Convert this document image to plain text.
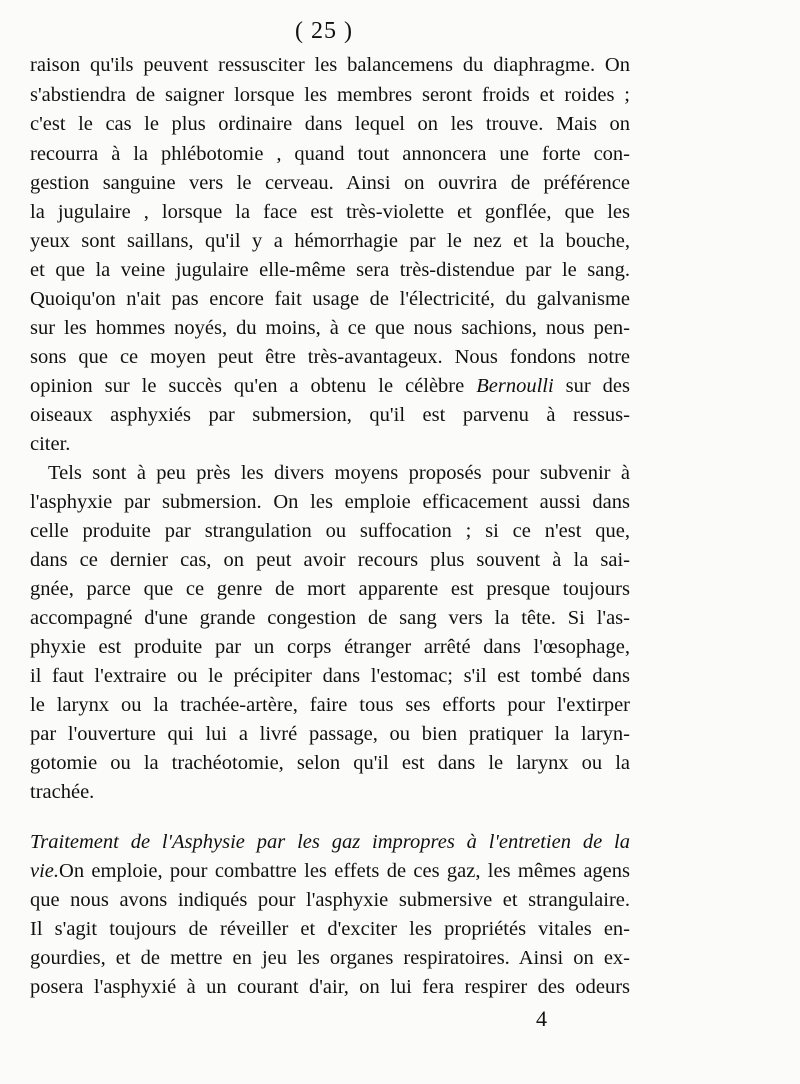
( 25 )
raison qu'ils peuvent ressusciter les balancemens du diaphragme. On
s'abstiendra de saigner lorsque les membres seront froids et roides ;
c'est le cas le plus ordinaire dans lequel on les trouve. Mais on
recourra à la phlébotomie , quand tout annoncera une forte con-
gestion sanguine vers le cerveau. Ainsi on ouvrira de préférence
la jugulaire , lorsque la face est très-violette et gonflée, que les
yeux sont saillans, qu'il y a hémorrhagie par le nez et la bouche,
et que la veine jugulaire elle-même sera très-distendue par le sang.
Quoiqu'on n'ait pas encore fait usage de l'électricité, du galvanisme
sur les hommes noyés, du moins, à ce que nous sachions, nous pen-
sons que ce moyen peut être très-avantageux. Nous fondons notre
opinion sur le succès qu'en a obtenu le célèbre Bernoulli sur des
oiseaux asphyxiés par submersion, qu'il est parvenu à ressus-
citer.
Tels sont à peu près les divers moyens proposés pour subvenir à
l'asphyxie par submersion. On les emploie efficacement aussi dans
celle produite par strangulation ou suffocation ; si ce n'est que,
dans ce dernier cas, on peut avoir recours plus souvent à la sai-
gnée, parce que ce genre de mort apparente est presque toujours
accompagné d'une grande congestion de sang vers la tête. Si l'as-
phyxie est produite par un corps étranger arrêté dans l'œsophage,
il faut l'extraire ou le précipiter dans l'estomac; s'il est tombé dans
le larynx ou la trachée-artère, faire tous ses efforts pour l'extirper
par l'ouverture qui lui a livré passage, ou bien pratiquer la laryn-
gotomie ou la trachéotomie, selon qu'il est dans le larynx ou la
trachée.
Traitement de l'Asphysie par les gaz impropres à l'entretien de la
vie.On emploie, pour combattre les effets de ces gaz, les mêmes agens
que nous avons indiqués pour l'asphyxie submersive et strangulaire.
Il s'agit toujours de réveiller et d'exciter les propriétés vitales en-
gourdies, et de mettre en jeu les organes respiratoires. Ainsi on ex-
posera l'asphyxié à un courant d'air, on lui fera respirer des odeurs
4
